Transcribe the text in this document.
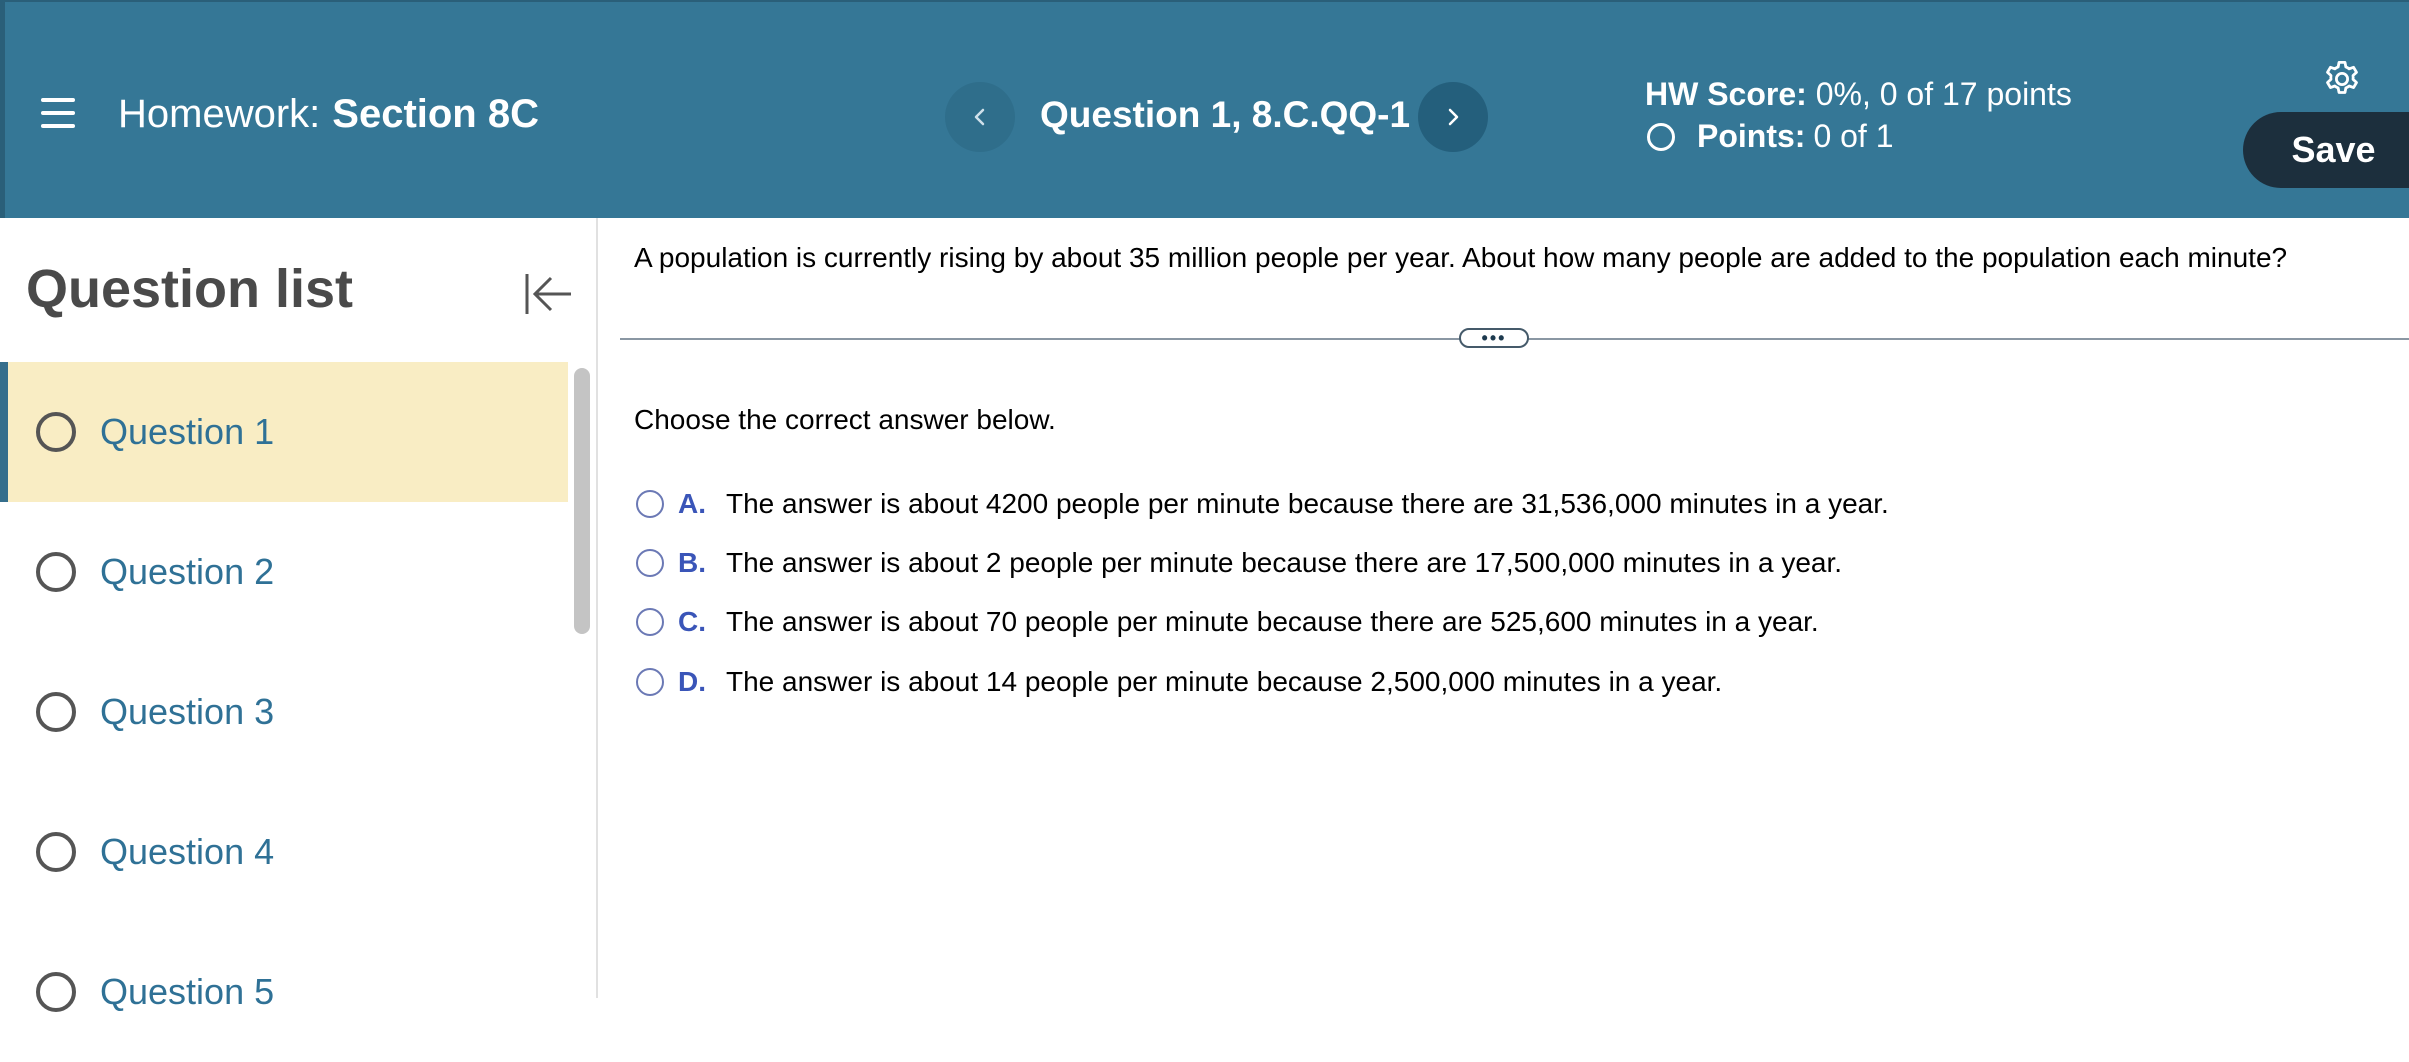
Homework: Section 8C	Question 1, 8.C.QQ-1	HW Score: 0%, 0 of 17 points
Points: 0 of 1	Save
Question list
Question 1
Question 2
Question 3
Question 4
Question 5
A population is currently rising by about 35 million people per year. About how many people are added to the population each minute?
•••
Choose the correct answer below.
A. The answer is about 4200 people per minute because there are 31,536,000 minutes in a year.
B. The answer is about 2 people per minute because there are 17,500,000 minutes in a year.
C. The answer is about 70 people per minute because there are 525,600 minutes in a year.
D. The answer is about 14 people per minute because 2,500,000 minutes in a year.
